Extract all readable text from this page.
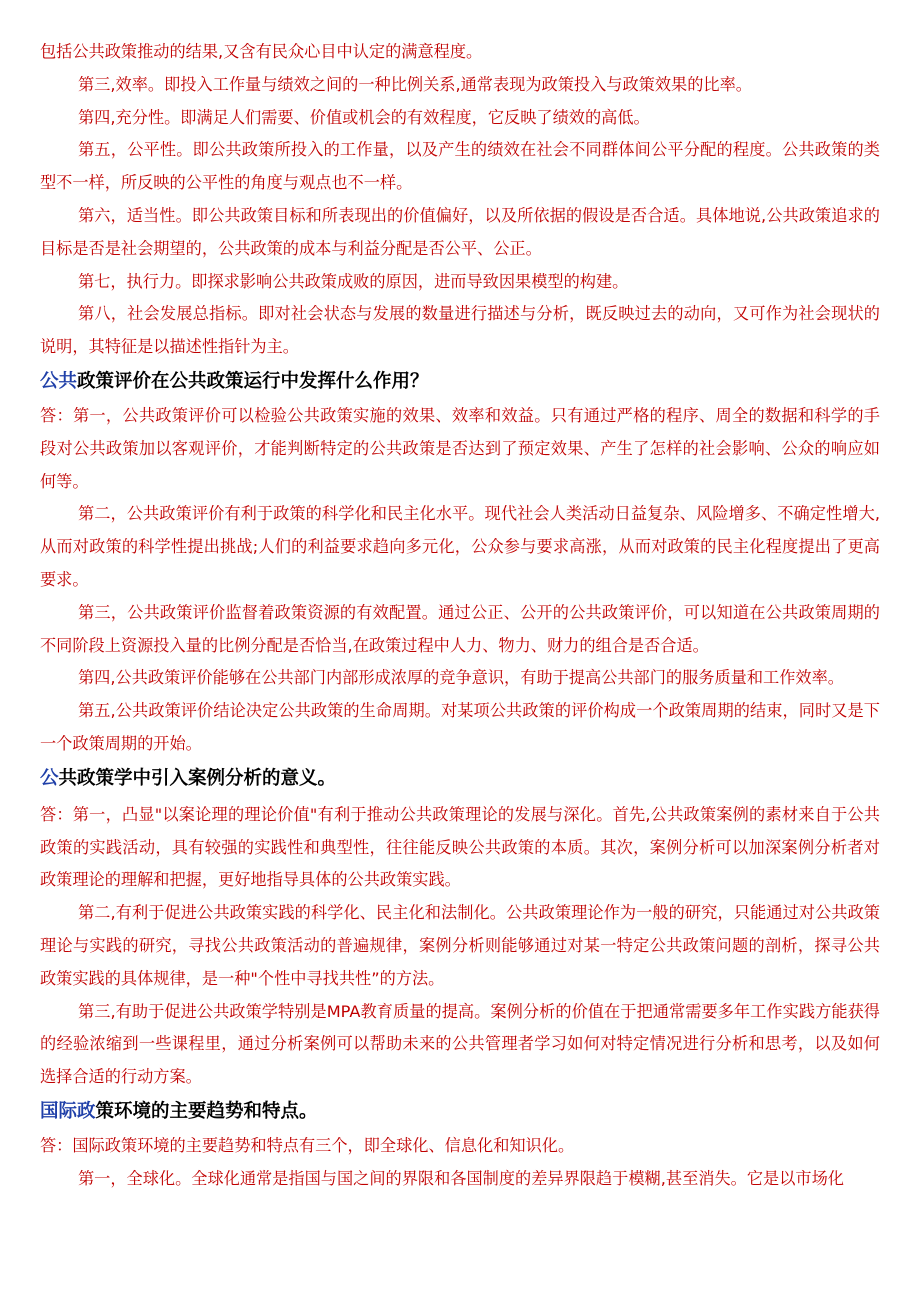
包括公共政策推动的结果,又含有民众心目中认定的满意程度。

第三,效率。即投入工作量与绩效之间的一种比例关系,通常表现为政策投入与政策效果的比率。

第四,充分性。即满足人们需要、价值或机会的有效程度，它反映了绩效的高低。

第五，公平性。即公共政策所投入的工作量，以及产生的绩效在社会不同群体间公平分配的程度。公共政策的类型不一样，所反映的公平性的角度与观点也不一样。

第六，适当性。即公共政策目标和所表现出的价值偏好，以及所依据的假设是否合适。具体地说,公共政策追求的目标是否是社会期望的，公共政策的成本与利益分配是否公平、公正。

第七，执行力。即探求影响公共政策成败的原因，进而导致因果模型的构建。

第八，社会发展总指标。即对社会状态与发展的数量进行描述与分析，既反映过去的动向，又可作为社会现状的说明，其特征是以描述性指针为主。

公共政策评价在公共政策运行中发挥什么作用？

答：第一，公共政策评价可以检验公共政策实施的效果、效率和效益。只有通过严格的程序、周全的数据和科学的手段对公共政策加以客观评价，才能判断特定的公共政策是否达到了预定效果、产生了怎样的社会影响、公众的响应如何等。

第二，公共政策评价有利于政策的科学化和民主化水平。现代社会人类活动日益复杂、风险增多、不确定性增大,从而对政策的科学性提出挑战;人们的利益要求趋向多元化，公众参与要求高涨，从而对政策的民主化程度提出了更高要求。

第三，公共政策评价监督着政策资源的有效配置。通过公正、公开的公共政策评价，可以知道在公共政策周期的不同阶段上资源投入量的比例分配是否恰当,在政策过程中人力、物力、财力的组合是否合适。

第四,公共政策评价能够在公共部门内部形成浓厚的竞争意识，有助于提高公共部门的服务质量和工作效率。

第五,公共政策评价结论决定公共政策的生命周期。对某项公共政策的评价构成一个政策周期的结束，同时又是下一个政策周期的开始。

公共政策学中引入案例分析的意义。

答：第一，凸显"以案论理的理论价值"有利于推动公共政策理论的发展与深化。首先,公共政策案例的素材来自于公共政策的实践活动，具有较强的实践性和典型性，往往能反映公共政策的本质。其次，案例分析可以加深案例分析者对政策理论的理解和把握，更好地指导具体的公共政策实践。

第二,有利于促进公共政策实践的科学化、民主化和法制化。公共政策理论作为一般的研究，只能通过对公共政策理论与实践的研究，寻找公共政策活动的普遍规律，案例分析则能够通过对某一特定公共政策问题的剖析，探寻公共政策实践的具体规律，是一种"个性中寻找共性”的方法。

第三,有助于促进公共政策学特别是MPA教育质量的提高。案例分析的价值在于把通常需要多年工作实践方能获得的经验浓缩到一些课程里，通过分析案例可以帮助未来的公共管理者学习如何对特定情况进行分析和思考，以及如何选择合适的行动方案。

国际政策环境的主要趋势和特点。

答：国际政策环境的主要趋势和特点有三个，即全球化、信息化和知识化。

第一，全球化。全球化通常是指国与国之间的界限和各国制度的差异界限趋于模糊,甚至消失。它是以市场化
